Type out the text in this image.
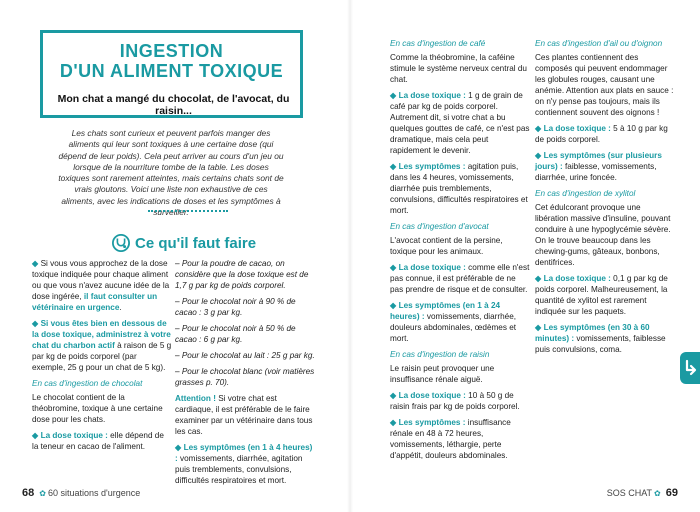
INGESTION
D'UN ALIMENT TOXIQUE
Mon chat a mangé du chocolat, de l'avocat, du raisin...
Les chats sont curieux et peuvent parfois manger des aliments qui leur sont toxiques à une certaine dose (qui dépend de leur poids). Cela peut arriver au cours d'un jeu ou lorsque de la nourriture tombe de la table. Les doses toxiques sont rarement atteintes, mais certains chats sont de vrais gloutons. Voici une liste non exhaustive de ces aliments, avec les indications de doses et les symptômes à surveiller.
Ce qu'il faut faire

◆ Si vous vous approchez de la dose toxique indiquée pour chaque aliment ou que vous n'avez aucune idée de la dose ingérée, il faut consulter un vétérinaire en urgence.

◆ Si vous êtes bien en dessous de la dose toxique, administrez à votre chat du charbon actif à raison de 5 g par kg de poids corporel (par exemple, 25 g pour un chat de 5 kg).

En cas d'ingestion de chocolat

Le chocolat contient de la théobromine, toxique à une certaine dose pour les chats.

◆ La dose toxique : elle dépend de la teneur en cacao de l'aliment.

– Pour la poudre de cacao, on considère que la dose toxique est de 1,7 g par kg de poids corporel.

– Pour le chocolat noir à 90 % de cacao : 3 g par kg.

– Pour le chocolat noir à 50 % de cacao : 6 g par kg.

– Pour le chocolat au lait : 25 g par kg.

– Pour le chocolat blanc (voir matières grasses p. 70).

Attention ! Si votre chat est cardiaque, il est préférable de le faire examiner par un vétérinaire dans tous les cas.

◆ Les symptômes (en 1 à 4 heures) : vomissements, diarrhée, agitation puis tremblements, convulsions, difficultés respiratoires et mort.

68 ✿ 60 situations d'urgence
En cas d'ingestion de café

Comme la théobromine, la caféine stimule le système nerveux central du chat.

◆ La dose toxique : 1 g de grain de café par kg de poids corporel. Autrement dit, si votre chat a bu quelques gouttes de café, ce n'est pas dramatique, mais cela peut rapidement le devenir.

◆ Les symptômes : agitation puis, dans les 4 heures, vomissements, diarrhée puis tremblements, convulsions, difficultés respiratoires et mort.

En cas d'ingestion d'avocat

L'avocat contient de la persine, toxique pour les animaux.

◆ La dose toxique : comme elle n'est pas connue, il est préférable de ne pas prendre de risque et de consulter.

◆ Les symptômes (en 1 à 24 heures) : vomissements, diarrhée, douleurs abdominales, œdèmes et mort.

En cas d'ingestion de raisin

Le raisin peut provoquer une insuffisance rénale aiguë.

◆ La dose toxique : 10 à 50 g de raisin frais par kg de poids corporel.

◆ Les symptômes : insuffisance rénale en 48 à 72 heures, vomissements, léthargie, perte d'appétit, douleurs abdominales.

En cas d'ingestion d'ail ou d'oignon

Ces plantes contiennent des composés qui peuvent endommager les globules rouges, causant une anémie. Attention aux plats en sauce : on n'y pense pas toujours, mais ils contiennent souvent des oignons !

◆ La dose toxique : 5 à 10 g par kg de poids corporel.

◆ Les symptômes (sur plusieurs jours) : faiblesse, vomissements, diarrhée, urine foncée.

En cas d'ingestion de xylitol

Cet édulcorant provoque une libération massive d'insuline, pouvant conduire à une hypoglycémie sévère. On le trouve beaucoup dans les chewing-gums, gâteaux, bonbons, dentifrices.

◆ La dose toxique : 0,1 g par kg de poids corporel. Malheureusement, la quantité de xylitol est rarement indiquée sur les paquets.

◆ Les symptômes (en 30 à 60 minutes) : vomissements, faiblesse puis convulsions, coma.

SOS CHAT ✿ 69
